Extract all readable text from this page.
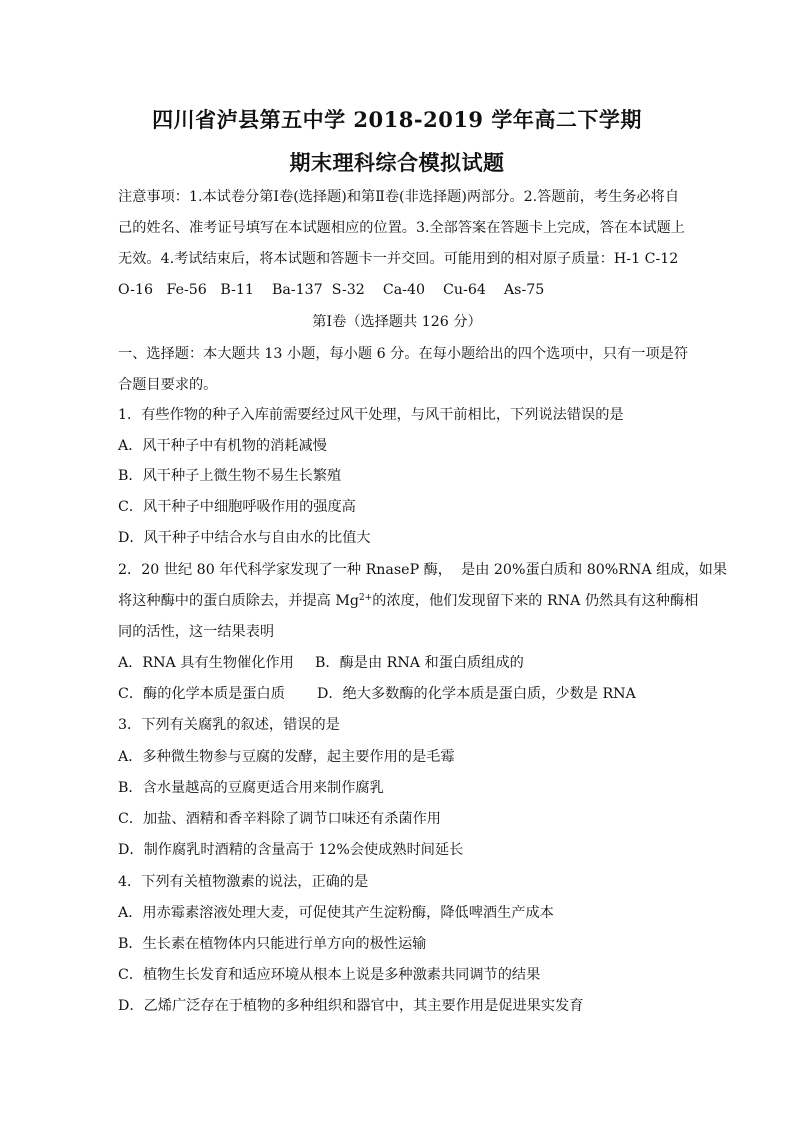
四川省泸县第五中学 2018-2019 学年高二下学期
期末理科综合模拟试题
注意事项：1.本试卷分第Ⅰ卷(选择题)和第Ⅱ卷(非选择题)两部分。2.答题前，考生务必将自
己的姓名、准考证号填写在本试题相应的位置。3.全部答案在答题卡上完成，答在本试题上
无效。4.考试结束后，将本试题和答题卡一并交回。可能用到的相对原子质量：H-1 C-12
O-16   Fe-56   B-11    Ba-137  S-32    Ca-40    Cu-64    As-75
第Ⅰ卷（选择题共 126 分）
一、选择题：本大题共 13 小题，每小题 6 分。在每小题给出的四个选项中，只有一项是符
合题目要求的。
1．有些作物的种子入库前需要经过风干处理，与风干前相比，下列说法错误的是
A．风干种子中有机物的消耗减慢
B．风干种子上微生物不易生长繁殖
C．风干种子中细胞呼吸作用的强度高
D．风干种子中结合水与自由水的比值大
2．20 世纪 80 年代科学家发现了一种 RnaseP 酶，  是由 20%蛋白质和 80%RNA 组成，如果
将这种酶中的蛋白质除去，并提高 $Mg^{2+}$的浓度，他们发现留下来的 RNA 仍然具有这种酶相
同的活性，这一结果表明
A．RNA 具有生物催化作用 B．酶是由 RNA 和蛋白质组成的
C．酶的化学本质是蛋白质 D．绝大多数酶的化学本质是蛋白质，少数是 RNA
3．下列有关腐乳的叙述，错误的是
A．多种微生物参与豆腐的发酵，起主要作用的是毛霉
B．含水量越高的豆腐更适合用来制作腐乳
C．加盐、酒精和香辛料除了调节口味还有杀菌作用
D．制作腐乳时酒精的含量高于 12%会使成熟时间延长
4．下列有关植物激素的说法，正确的是
A．用赤霉素溶液处理大麦，可促使其产生淀粉酶，降低啤酒生产成本
B．生长素在植物体内只能进行单方向的极性运输
C．植物生长发育和适应环境从根本上说是多种激素共同调节的结果
D．乙烯广泛存在于植物的多种组织和器官中，其主要作用是促进果实发育
